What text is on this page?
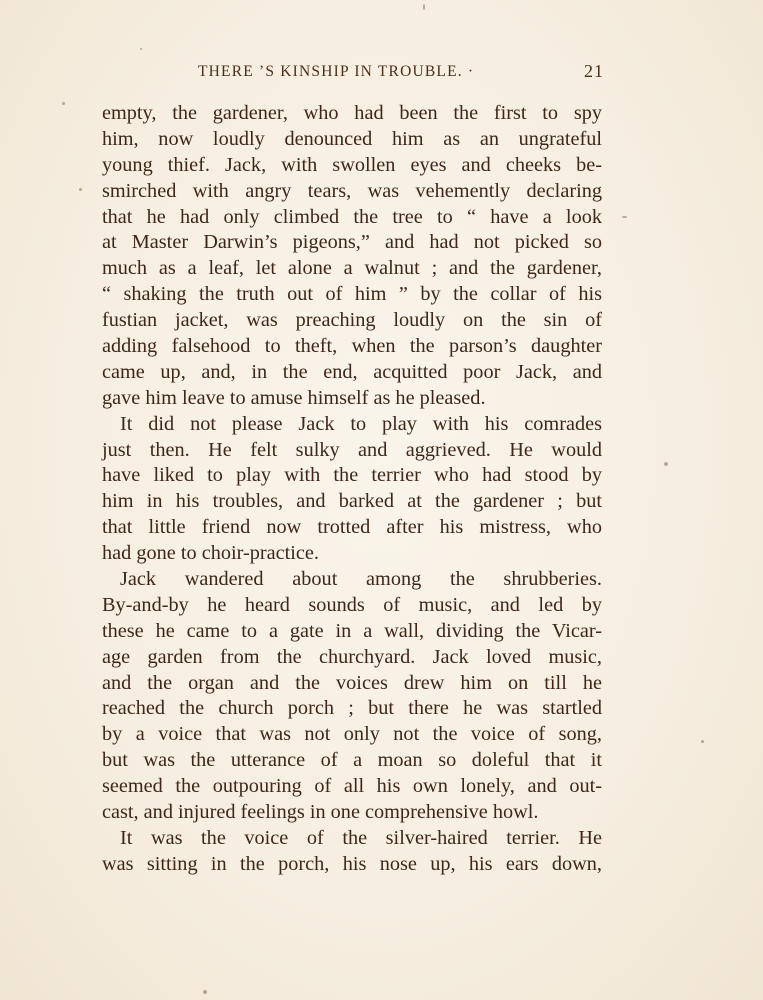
THERE ’S KINSHIP IN TROUBLE. ·	21
empty, the gardener, who had been the first to spy
him, now loudly denounced him as an ungrateful
young thief. Jack, with swollen eyes and cheeks be-
smirched with angry tears, was vehemently declaring
that he had only climbed the tree to “ have a look
at Master Darwin’s pigeons,” and had not picked so
much as a leaf, let alone a walnut ; and the gardener,
“ shaking the truth out of him ” by the collar of his
fustian jacket, was preaching loudly on the sin of
adding falsehood to theft, when the parson’s daughter
came up, and, in the end, acquitted poor Jack, and
gave him leave to amuse himself as he pleased.
It did not please Jack to play with his comrades
just then. He felt sulky and aggrieved. He would
have liked to play with the terrier who had stood by
him in his troubles, and barked at the gardener ; but
that little friend now trotted after his mistress, who
had gone to choir-practice.
Jack wandered about among the shrubberies.
By-and-by he heard sounds of music, and led by
these he came to a gate in a wall, dividing the Vicar-
age garden from the churchyard. Jack loved music,
and the organ and the voices drew him on till he
reached the church porch ; but there he was startled
by a voice that was not only not the voice of song,
but was the utterance of a moan so doleful that it
seemed the outpouring of all his own lonely, and out-
cast, and injured feelings in one comprehensive howl.
It was the voice of the silver-haired terrier. He
was sitting in the porch, his nose up, his ears down,
